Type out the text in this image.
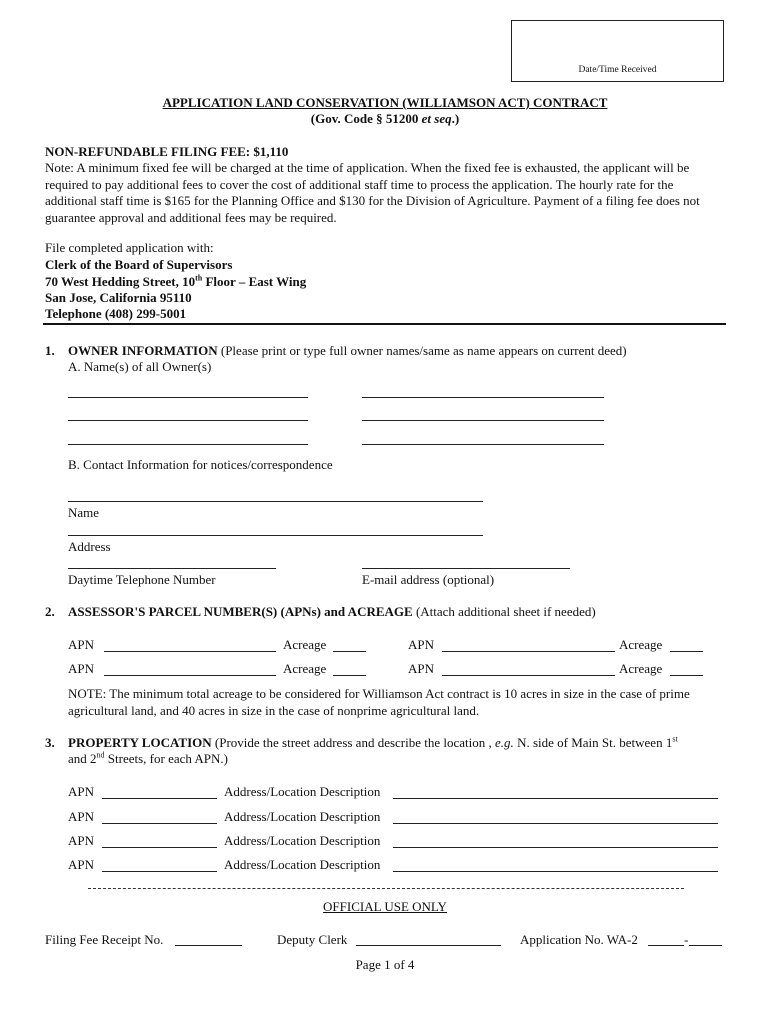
Date/Time Received
APPLICATION LAND CONSERVATION (WILLIAMSON ACT) CONTRACT
(Gov. Code § 51200 et seq.)
NON-REFUNDABLE FILING FEE: $1,110
Note: A minimum fixed fee will be charged at the time of application. When the fixed fee is exhausted, the applicant will be required to pay additional fees to cover the cost of additional staff time to process the application. The hourly rate for the additional staff time is $165 for the Planning Office and $130 for the Division of Agriculture. Payment of a filing fee does not guarantee approval and additional fees may be required.
File completed application with:
Clerk of the Board of Supervisors
70 West Hedding Street, 10th Floor – East Wing
San Jose, California 95110
Telephone (408) 299-5001
1. OWNER INFORMATION (Please print or type full owner names/same as name appears on current deed)
A. Name(s) of all Owner(s)
B. Contact Information for notices/correspondence
Name
Address
Daytime Telephone Number	E-mail address (optional)
2. ASSESSOR'S PARCEL NUMBER(S) (APNs) and ACREAGE (Attach additional sheet if needed)
APN	Acreage	APN	Acreage
APN	Acreage	APN	Acreage
NOTE: The minimum total acreage to be considered for Williamson Act contract is 10 acres in size in the case of prime agricultural land, and 40 acres in size in the case of nonprime agricultural land.
3. PROPERTY LOCATION (Provide the street address and describe the location , e.g. N. side of Main St. between 1st
and 2nd Streets, for each APN.)
APN	Address/Location Description
APN	Address/Location Description
APN	Address/Location Description
APN	Address/Location Description
OFFICIAL USE ONLY
Filing Fee Receipt No.	Deputy Clerk	Application No. WA-2	-
Page 1 of 4
